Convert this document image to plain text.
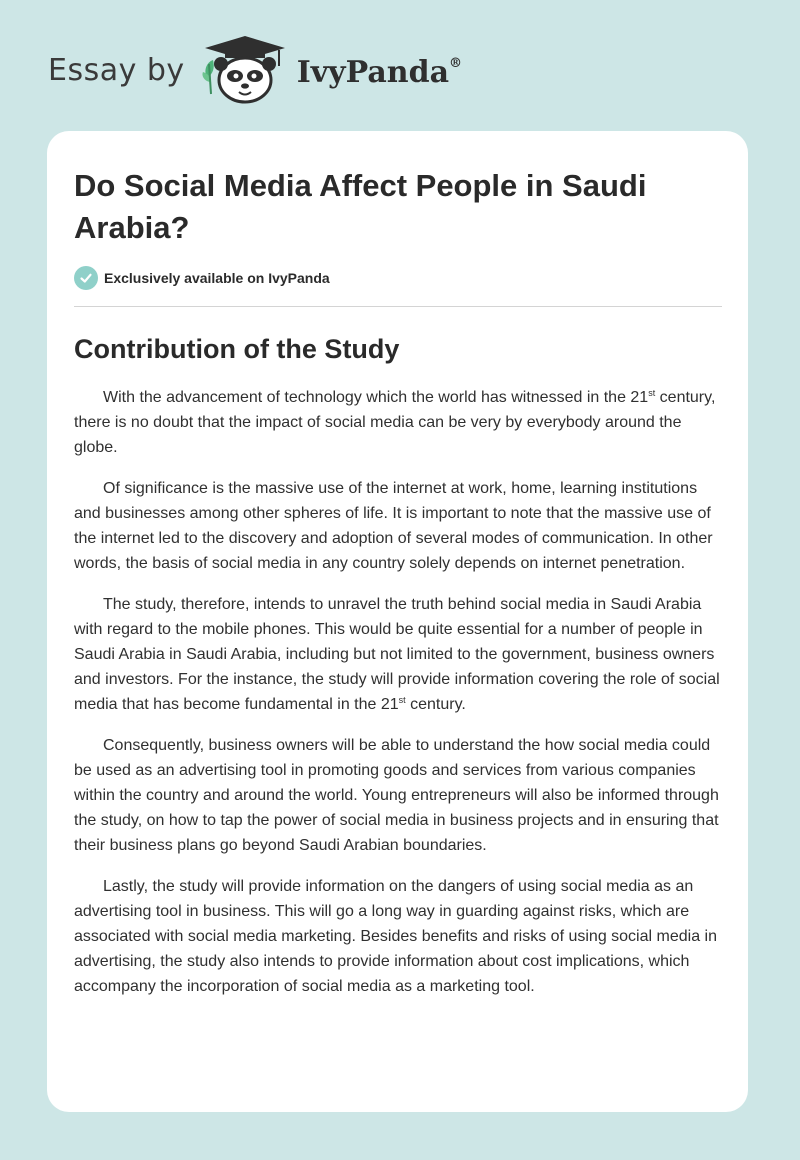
Essay by	IvyPanda®
Do Social Media Affect People in Saudi Arabia?
Exclusively available on IvyPanda
Contribution of the Study

With the advancement of technology which the world has witnessed in the 21st century, there is no doubt that the impact of social media can be very by everybody around the globe.

Of significance is the massive use of the internet at work, home, learning institutions and businesses among other spheres of life. It is important to note that the massive use of the internet led to the discovery and adoption of several modes of communication. In other words, the basis of social media in any country solely depends on internet penetration.

The study, therefore, intends to unravel the truth behind social media in Saudi Arabia with regard to the mobile phones. This would be quite essential for a number of people in Saudi Arabia in Saudi Arabia, including but not limited to the government, business owners and investors. For the instance, the study will provide information covering the role of social media that has become fundamental in the 21st century.

Consequently, business owners will be able to understand the how social media could be used as an advertising tool in promoting goods and services from various companies within the country and around the world. Young entrepreneurs will also be informed through the study, on how to tap the power of social media in business projects and in ensuring that their business plans go beyond Saudi Arabian boundaries.

Lastly, the study will provide information on the dangers of using social media as an advertising tool in business. This will go a long way in guarding against risks, which are associated with social media marketing. Besides benefits and risks of using social media in advertising, the study also intends to provide information about cost implications, which accompany the incorporation of social media as a marketing tool.
